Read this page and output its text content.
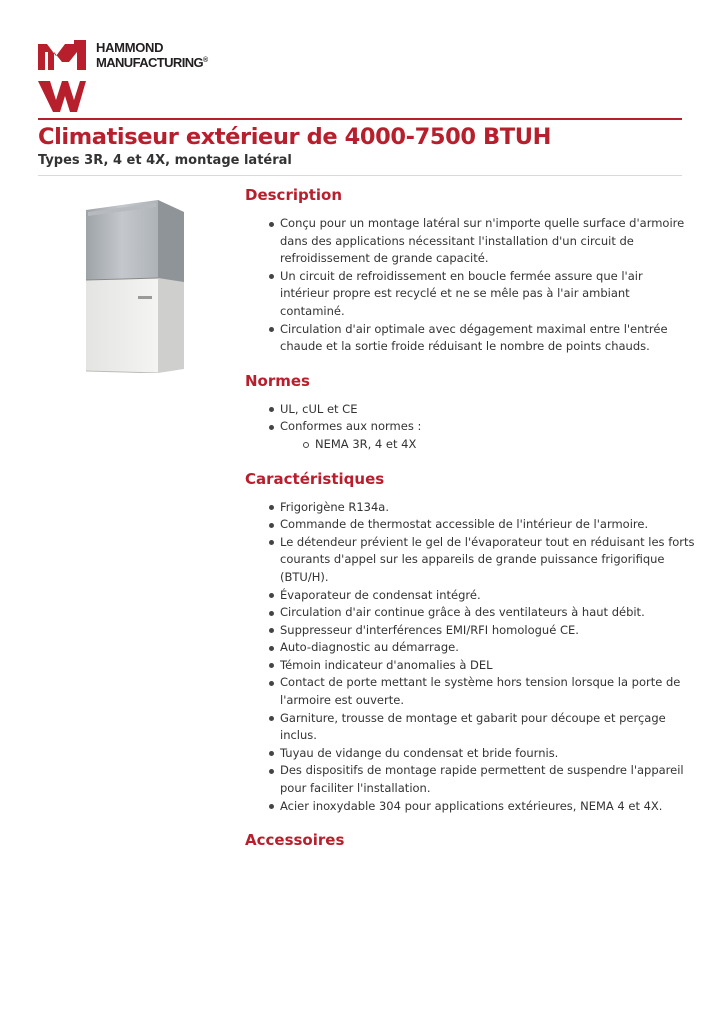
HAMMOND
MANUFACTURING®
Climatiseur extérieur de 4000-7500 BTUH
Types 3R, 4 et 4X, montage latéral
Description
Conçu pour un montage latéral sur n'importe quelle surface d'armoire dans des applications nécessitant l'installation d'un circuit de refroidissement de grande capacité.
Un circuit de refroidissement en boucle fermée assure que l'air intérieur propre est recyclé et ne se mêle pas à l'air ambiant contaminé.
Circulation d'air optimale avec dégagement maximal entre l'entrée chaude et la sortie froide réduisant le nombre de points chauds.
Normes
UL, cUL et CE
Conformes aux normes :
NEMA 3R, 4 et 4X
Caractéristiques
Frigorigène R134a.
Commande de thermostat accessible de l'intérieur de l'armoire.
Le détendeur prévient le gel de l'évaporateur tout en réduisant les forts courants d'appel sur les appareils de grande puissance frigorifique (BTU/H).
Évaporateur de condensat intégré.
Circulation d'air continue grâce à des ventilateurs à haut débit.
Suppresseur d'interférences EMI/RFI homologué CE.
Auto-diagnostic au démarrage.
Témoin indicateur d'anomalies à DEL
Contact de porte mettant le système hors tension lorsque la porte de l'armoire est ouverte.
Garniture, trousse de montage et gabarit pour découpe et perçage inclus.
Tuyau de vidange du condensat et bride fournis.
Des dispositifs de montage rapide permettent de suspendre l'appareil pour faciliter l'installation.
Acier inoxydable 304 pour applications extérieures, NEMA 4 et 4X.
Accessoires
